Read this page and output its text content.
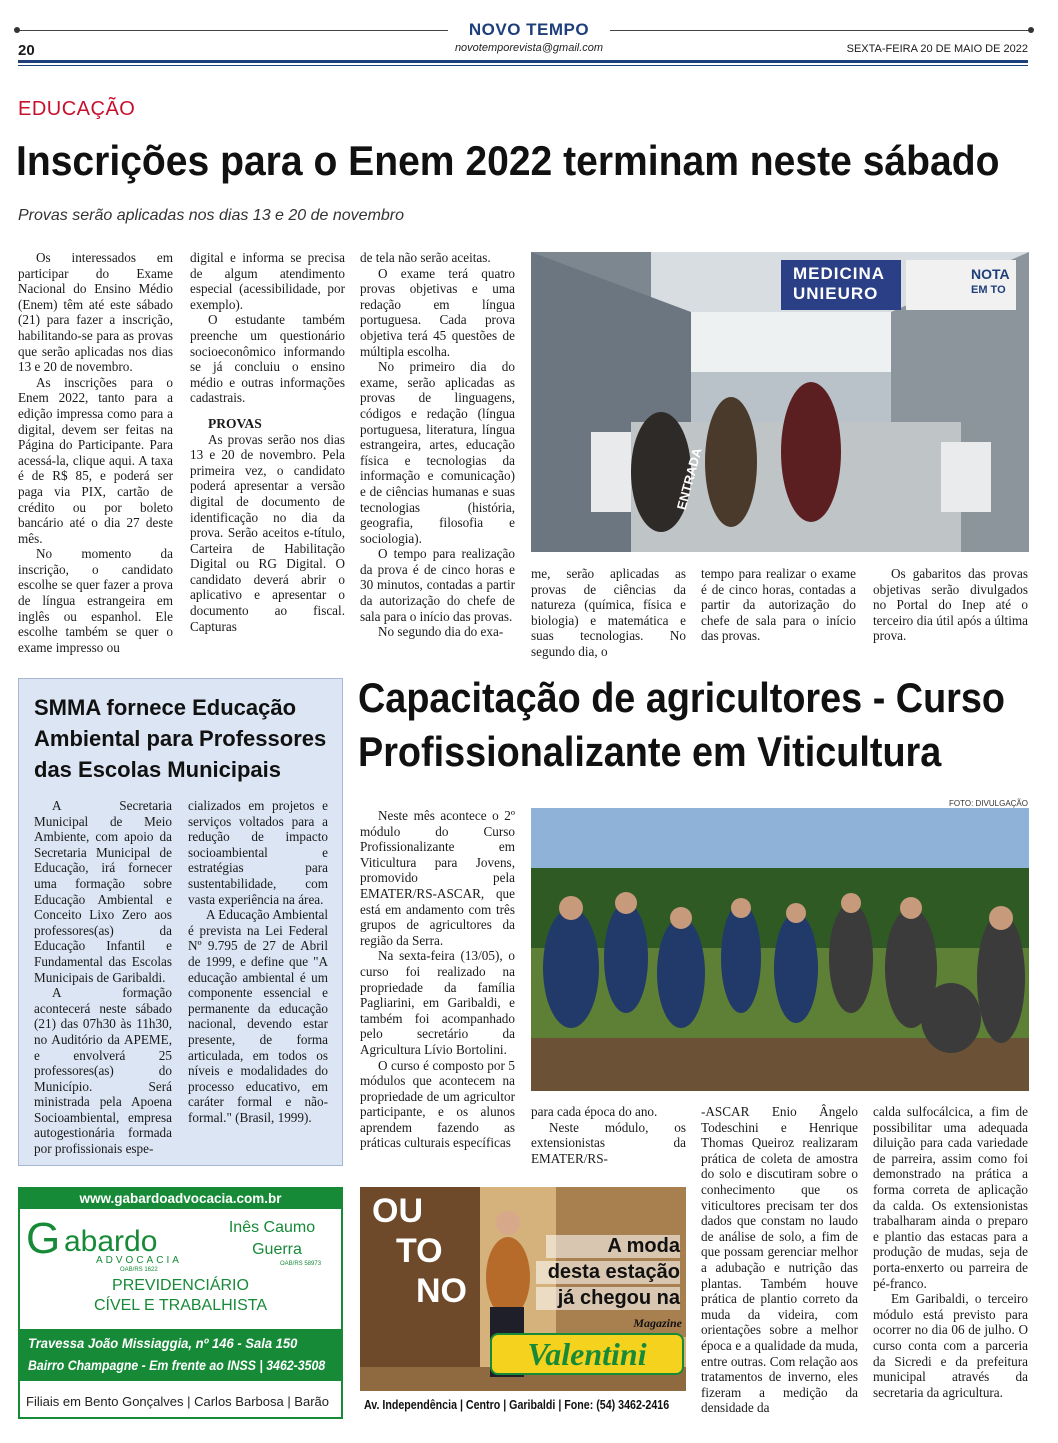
NOVO TEMPO
novotemporevista@gmail.com
20	SEXTA-FEIRA 20 DE MAIO DE 2022
EDUCAÇÃO
Inscrições para o Enem 2022 terminam neste sábado
Provas serão aplicadas nos dias 13 e 20 de novembro

Os interessados em participar do Exame Nacional do Ensino Médio (Enem) têm até este sábado (21) para fazer a inscrição, habilitando-se para as provas que serão aplicadas nos dias 13 e 20 de novembro.

As inscrições para o Enem 2022, tanto para a edição impressa como para a digital, devem ser feitas na Página do Participante. Para acessá-la, clique aqui. A taxa é de R$ 85, e poderá ser paga via PIX, cartão de crédito ou por boleto bancário até o dia 27 deste mês.

No momento da inscrição, o candidato escolhe se quer fazer a prova de língua estrangeira em inglês ou espanhol. Ele escolhe também se quer o exame impresso ou

digital e informa se precisa de algum atendimento especial (acessibilidade, por exemplo).

O estudante também preenche um questionário socioeconômico informando se já concluiu o ensino médio e outras informações cadastrais.

PROVAS

As provas serão nos dias 13 e 20 de novembro. Pela primeira vez, o candidato poderá apresentar a versão digital de documento de identificação no dia da prova. Serão aceitos e-título, Carteira de Habilitação Digital ou RG Digital. O candidato deverá abrir o aplicativo e apresentar o documento ao fiscal. Capturas

de tela não serão aceitas.

O exame terá quatro provas objetivas e uma redação em língua portuguesa. Cada prova objetiva terá 45 questões de múltipla escolha.

No primeiro dia do exame, serão aplicadas as provas de linguagens, códigos e redação (língua portuguesa, literatura, língua estrangeira, artes, educação física e tecnologias da informação e comunicação) e de ciências humanas e suas tecnologias (história, geografia, filosofia e sociologia).

O tempo para realização da prova é de cinco horas e 30 minutos, contadas a partir da autorização do chefe de sala para o início das provas.

No segundo dia do exa-

MEDICINA
UNIEURO
NOTA
EM TO
ENTRADA

me, serão aplicadas as provas de ciências da natureza (química, física e biologia) e matemática e suas tecnologias. No segundo dia, o

tempo para realizar o exame é de cinco horas, contadas a partir da autorização do chefe de sala para o início das provas.

Os gabaritos das provas objetivas serão divulgados no Portal do Inep até o terceiro dia útil após a última prova.

SMMA fornece Educação Ambiental para Professores das Escolas Municipais

A Secretaria Municipal de Meio Ambiente, com apoio da Secretaria Municipal de Educação, irá fornecer uma formação sobre Educação Ambiental e Conceito Lixo Zero aos professores(as) da Educação Infantil e Fundamental das Escolas Municipais de Garibaldi.

A formação acontecerá neste sábado (21) das 07h30 às 11h30, no Auditório da APEME, e envolverá 25 professores(as) do Município. Será ministrada pela Apoena Socioambiental, empresa autogestionária formada por profissionais espe-

cializados em projetos e serviços voltados para a redução de impacto socioambiental e estratégias para sustentabilidade, com vasta experiência na área.

A Educação Ambiental é prevista na Lei Federal Nº 9.795 de 27 de Abril de 1999, e define que "A educação ambiental é um componente essencial e permanente da educação nacional, devendo estar presente, de forma articulada, em todos os níveis e modalidades do processo educativo, em caráter formal e não-formal." (Brasil, 1999).

Capacitação de agricultores - Curso
Profissionalizante em Viticultura

Neste mês acontece o 2º módulo do Curso Profissionalizante em Viticultura para Jovens, promovido pela EMATER/RS-ASCAR, que está em andamento com três grupos de agricultores da região da Serra.

Na sexta-feira (13/05), o curso foi realizado na propriedade da família Pagliarini, em Garibaldi, e também foi acompanhado pelo secretário da Agricultura Lívio Bortolini.

O curso é composto por 5 módulos que acontecem na propriedade de um agricultor participante, e os alunos aprendem fazendo as práticas culturais específicas

FOTO: DIVULGAÇÃO

para cada época do ano.

Neste módulo, os extensionistas da EMATER/RS-

-ASCAR Enio Ângelo Todeschini e Henrique Thomas Queiroz realizaram prática de coleta de amostra do solo e discutiram sobre o conhecimento que os viticultores precisam ter dos dados que constam no laudo de análise de solo, a fim de que possam gerenciar melhor a adubação e nutrição das plantas. Também houve prática de plantio correto da muda da videira, com orientações sobre a melhor época e a qualidade da muda, entre outras. Com relação aos tratamentos de inverno, eles fizeram a medição da densidade da

calda sulfocálcica, a fim de possibilitar uma adequada diluição para cada variedade de parreira, assim como foi demonstrado na prática a forma correta de aplicação da calda. Os extensionistas trabalharam ainda o preparo e plantio das estacas para a produção de mudas, seja de porta-enxerto ou parreira de pé-franco.

Em Garibaldi, o terceiro módulo está previsto para ocorrer no dia 06 de julho. O curso conta com a parceria da Sicredi e da prefeitura municipal através da secretaria da agricultura.

www.gabardoadvocacia.com.br
G abardo
ADVOCACIA
OAB/RS 1622
Inês Caumo
Guerra
OAB/RS 58973
PREVIDENCIÁRIO
CÍVEL E TRABALHISTA
Travessa João Missiaggia, nº 146 - Sala 150
Bairro Champagne - Em frente ao INSS | 3462-3508
Filiais em Bento Gonçalves | Carlos Barbosa | Barão
OU
TO
NO
A moda
desta estação
já chegou na
Magazine
Valentini
Av. Independência | Centro | Garibaldi | Fone: (54) 3462-2416
